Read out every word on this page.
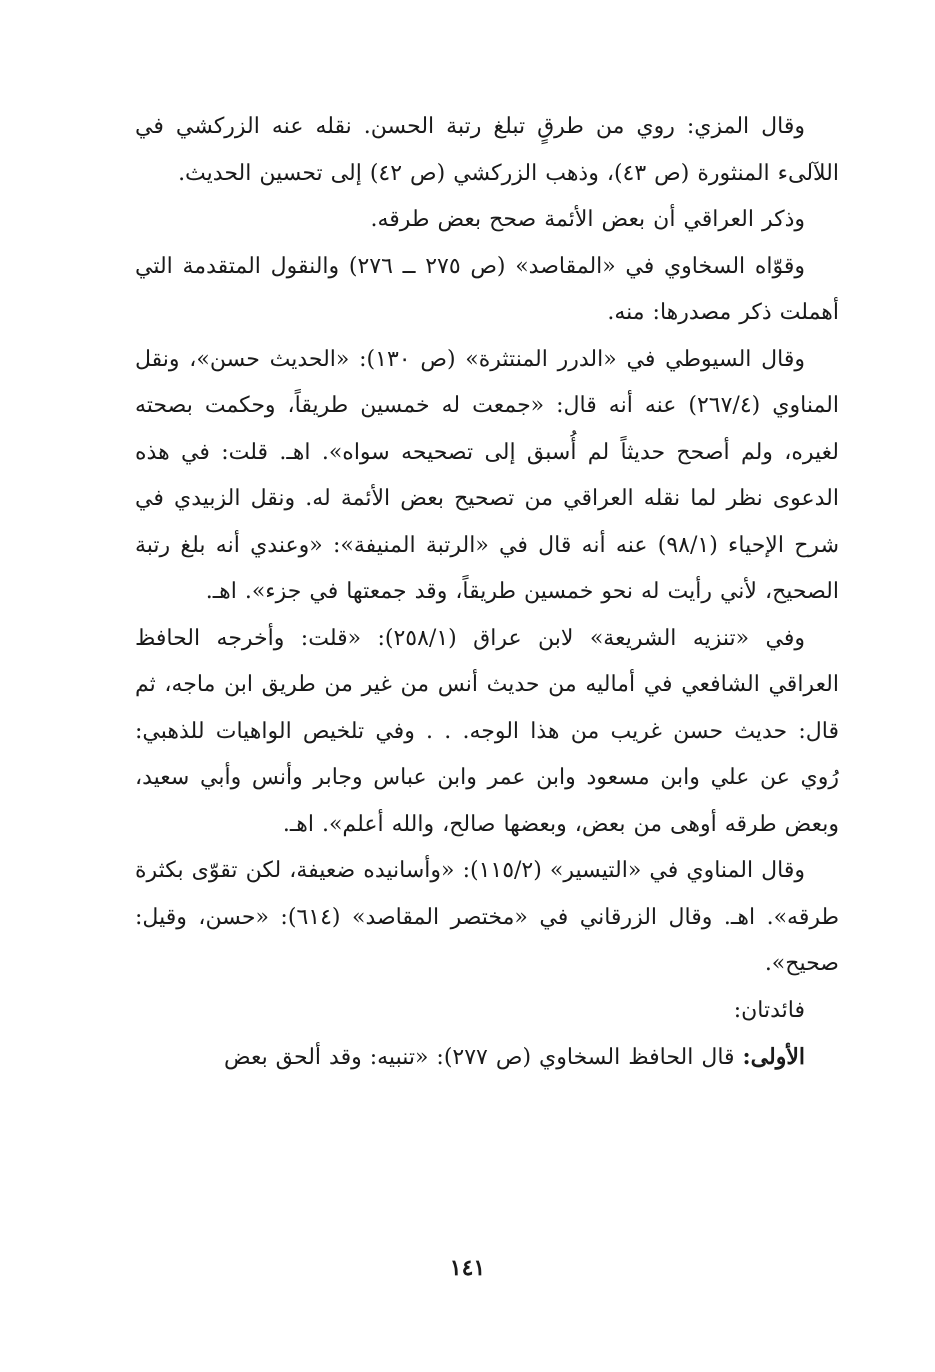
وقال المزي: روي من طرقٍ تبلغ رتبة الحسن. نقله عنه الزركشي في اللآلىء المنثورة (ص ٤٣)، وذهب الزركشي (ص ٤٢) إلى تحسين الحديث.

وذكر العراقي أن بعض الأئمة صحح بعض طرقه.

وقوّاه السخاوي في «المقاصد» (ص ٢٧٥ ــ ٢٧٦) والنقول المتقدمة التي أهملت ذكر مصدرها: منه.

وقال السيوطي في «الدرر المنتثرة» (ص ١٣٠): «الحديث حسن»، ونقل المناوي (٢٦٧/٤) عنه أنه قال: «جمعت له خمسين طريقاً، وحكمت بصحته لغيره، ولم أصحح حديثاً لم أُسبق إلى تصحيحه سواه». اهـ. قلت: في هذه الدعوى نظر لما نقله العراقي من تصحيح بعض الأئمة له. ونقل الزبيدي في شرح الإحياء (٩٨/١) عنه أنه قال في «الرتبة المنيفة»: «وعندي أنه بلغ رتبة الصحيح، لأني رأيت له نحو خمسين طريقاً، وقد جمعتها في جزء». اهـ.

وفي «تنزيه الشريعة» لابن عراق (٢٥٨/١): «قلت: وأخرجه الحافظ العراقي الشافعي في أماليه من حديث أنس من غير من طريق ابن ماجه، ثم قال: حديث حسن غريب من هذا الوجه. . . وفي تلخيص الواهيات للذهبي: رُوي عن علي وابن مسعود وابن عمر وابن عباس وجابر وأنس وأبي سعيد، وبعض طرقه أوهى من بعض، وبعضها صالح، والله أعلم». اهـ.

وقال المناوي في «التيسير» (١١٥/٢): «وأسانيده ضعيفة، لكن تقوّى بكثرة طرقه». اهـ. وقال الزرقاني في «مختصر المقاصد» (٦١٤): «حسن، وقيل: صحيح».

فائدتان:

الأولى: قال الحافظ السخاوي (ص ٢٧٧): «تنبيه: وقد ألحق بعض

١٤١
